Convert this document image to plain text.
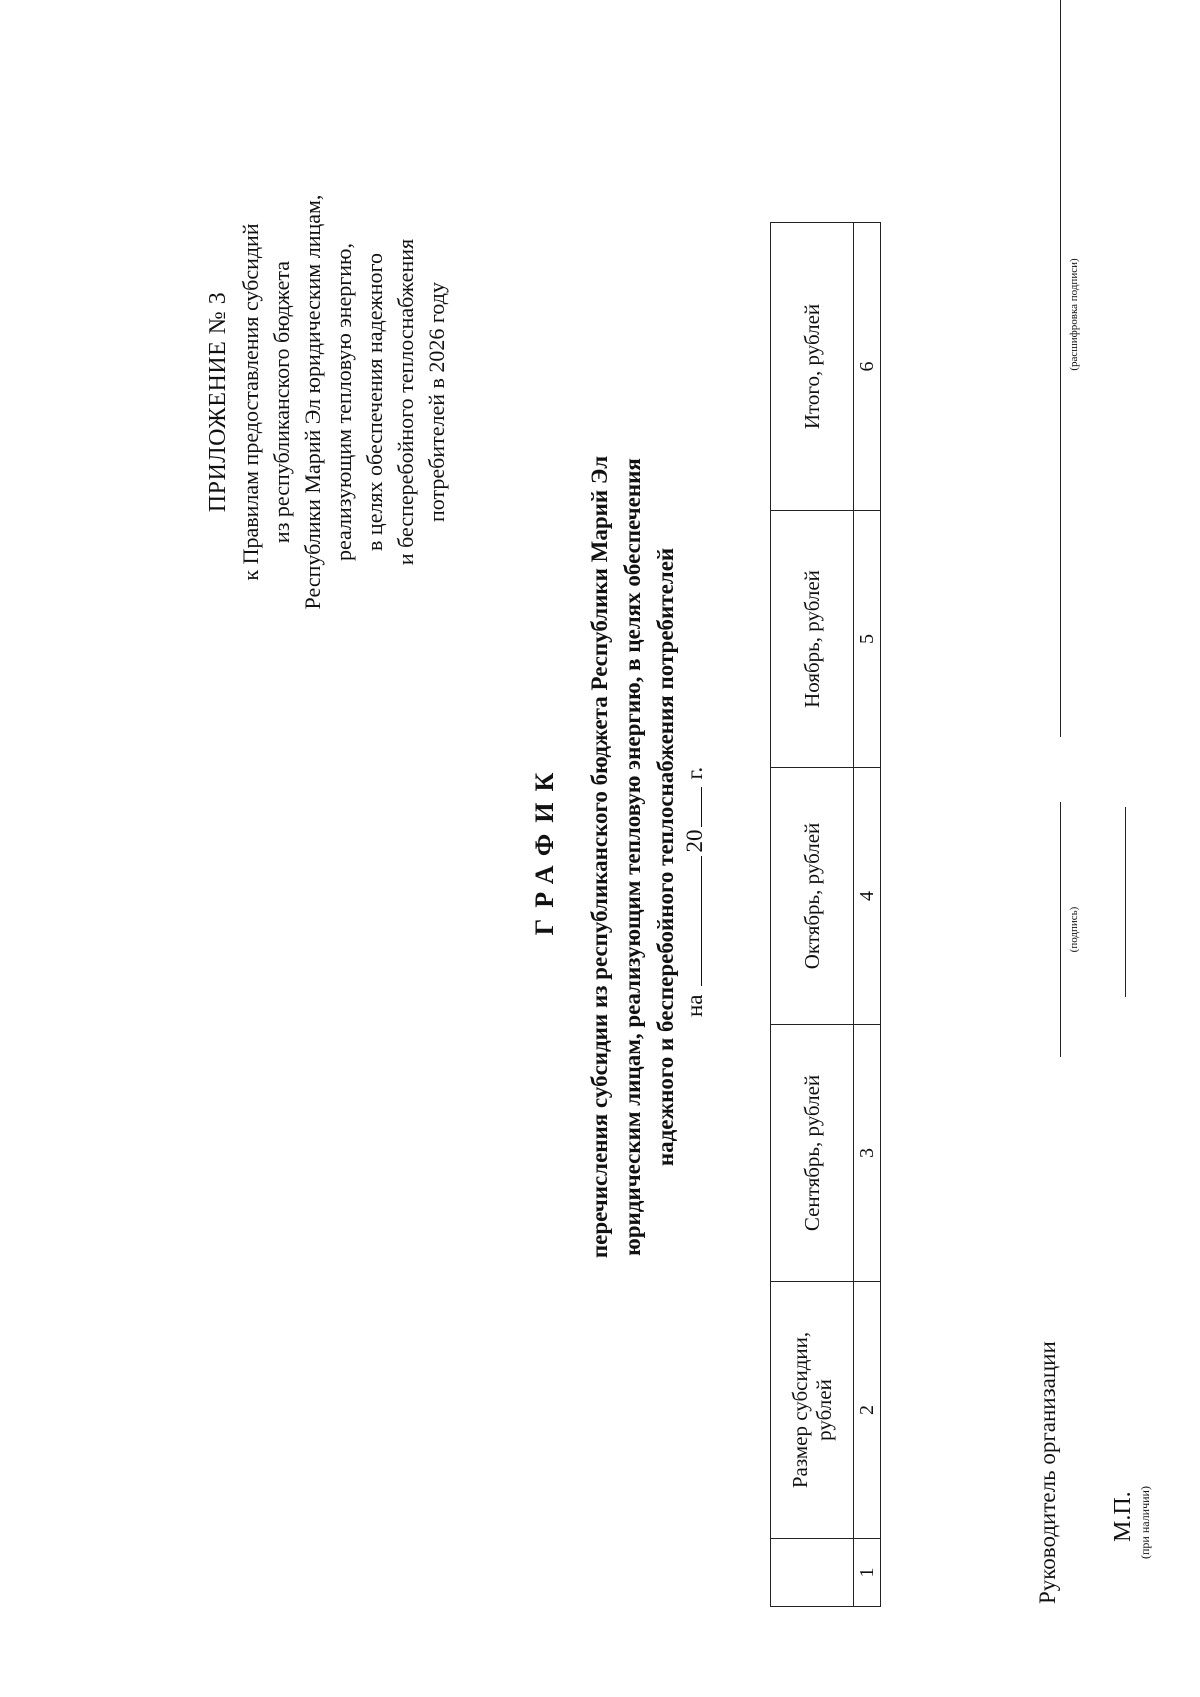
ПРИЛОЖЕНИЕ № 3 к Правилам предоставления субсидий из республиканского бюджета Республики Марий Эл юридическим лицам, реализующим тепловую энергию, в целях обеспечения надежного и бесперебойного теплоснабжения потребителей в 2026 году
ГРАФИК перечисления субсидии из республиканского бюджета Республики Марий Эл юридическим лицам, реализующим тепловую энергию, в целях обеспечения надежного и бесперебойного теплоснабжения потребителей на20г.

	Размер субсидии, рублей	Сентябрь, рублей	Октябрь, рублей	Ноябрь, рублей	Итого, рублей
1	2	3	4	5	6

Руководитель организации
(подпись)
(расшифровка подписи)
М.П. (при наличии)
